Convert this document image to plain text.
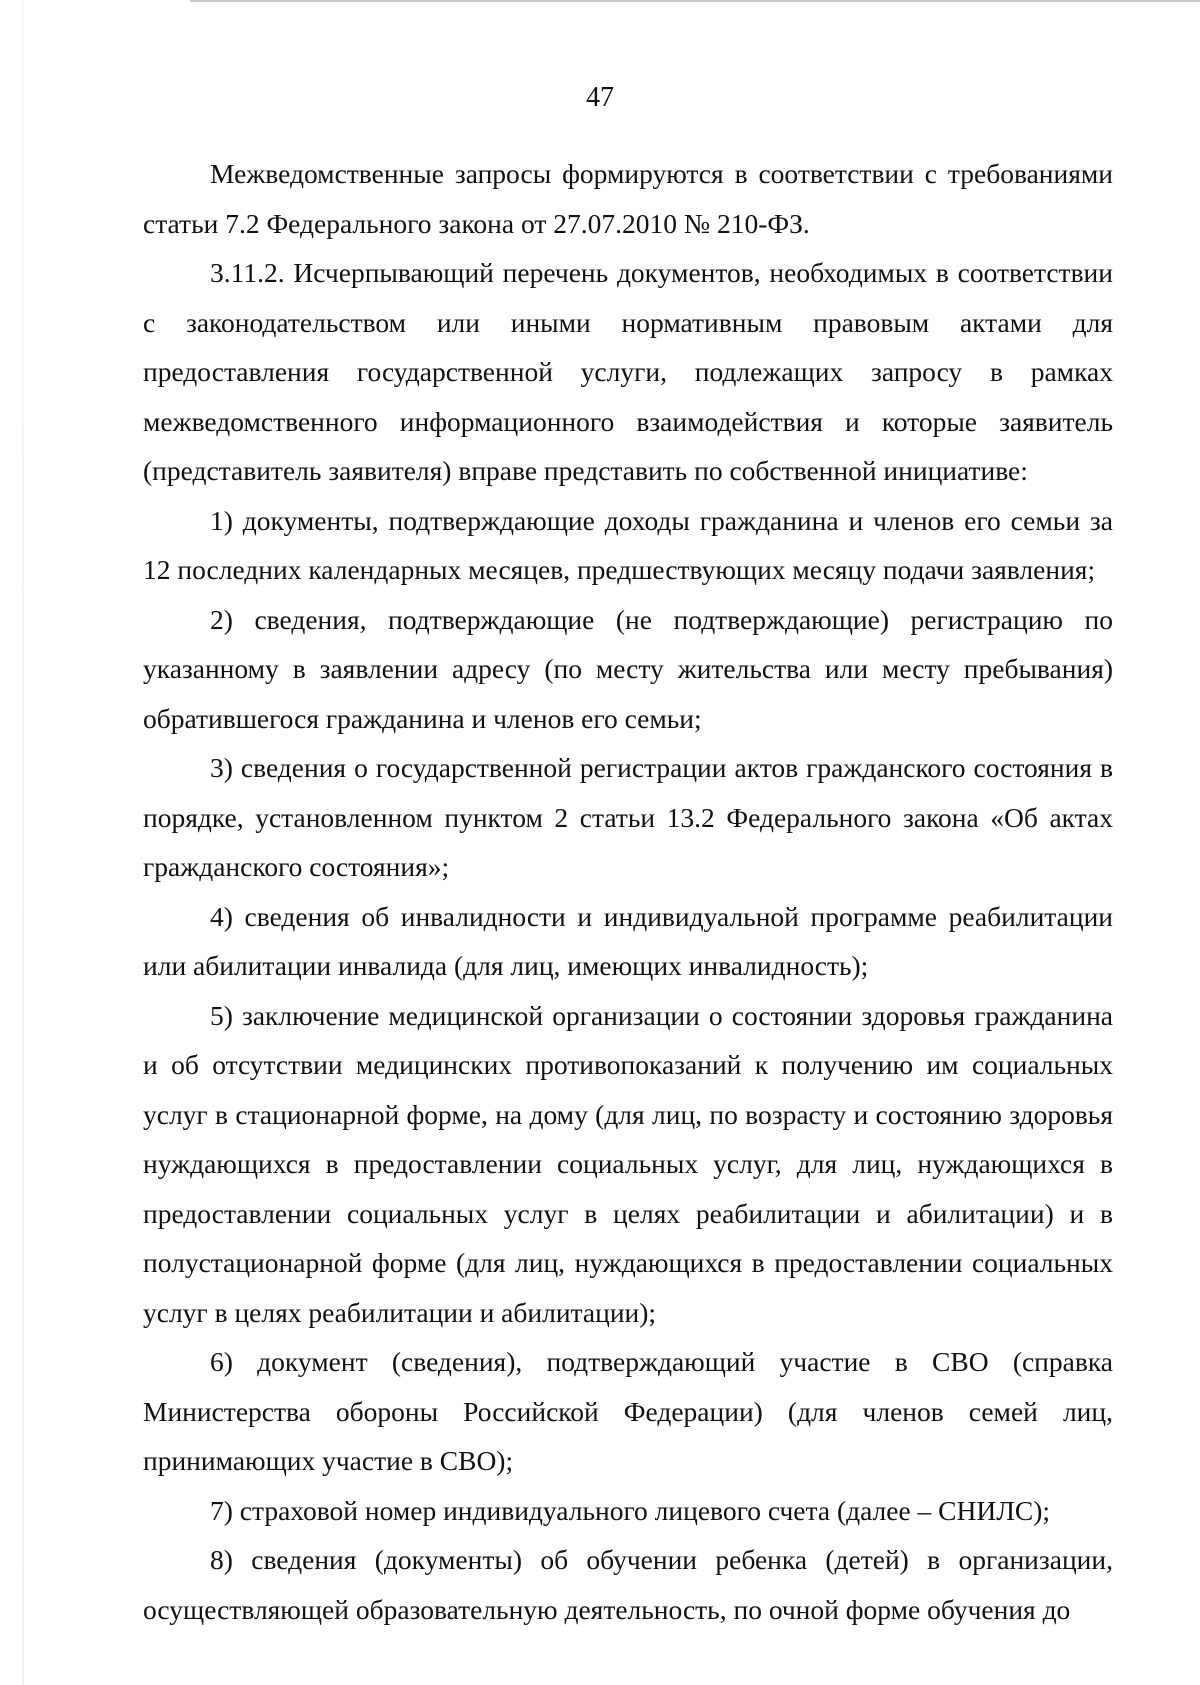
47

Межведомственные запросы формируются в соответствии с требованиями статьи 7.2 Федерального закона от 27.07.2010 № 210-ФЗ.

3.11.2. Исчерпывающий перечень документов, необходимых в соответствии с законодательством или иными нормативным правовым актами для предоставления государственной услуги, подлежащих запросу в рамках межведомственного информационного взаимодействия и которые заявитель (представитель заявителя) вправе представить по собственной инициативе:

1) документы, подтверждающие доходы гражданина и членов его семьи за 12 последних календарных месяцев, предшествующих месяцу подачи заявления;

2) сведения, подтверждающие (не подтверждающие) регистрацию по указанному в заявлении адресу (по месту жительства или месту пребывания) обратившегося гражданина и членов его семьи;

3) сведения о государственной регистрации актов гражданского состояния в порядке, установленном пунктом 2 статьи 13.2 Федерального закона «Об актах гражданского состояния»;

4) сведения об инвалидности и индивидуальной программе реабилитации или абилитации инвалида (для лиц, имеющих инвалидность);

5) заключение медицинской организации о состоянии здоровья гражданина и об отсутствии медицинских противопоказаний к получению им социальных услуг в стационарной форме, на дому (для лиц, по возрасту и состоянию здоровья нуждающихся в предоставлении социальных услуг, для лиц, нуждающихся в предоставлении социальных услуг в целях реабилитации и абилитации) и в полустационарной форме (для лиц, нуждающихся в предоставлении социальных услуг в целях реабилитации и абилитации);

6) документ (сведения), подтверждающий участие в СВО (справка Министерства обороны Российской Федерации) (для членов семей лиц, принимающих участие в СВО);

7) страховой номер индивидуального лицевого счета (далее – СНИЛС);

8) сведения (документы) об обучении ребенка (детей) в организации, осуществляющей образовательную деятельность, по очной форме обучения до
